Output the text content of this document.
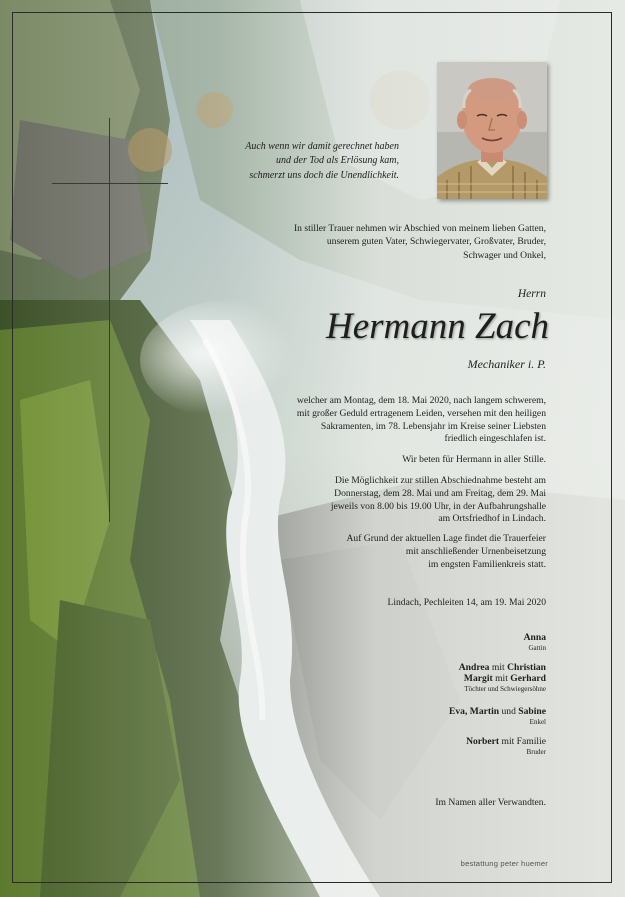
Auch wenn wir damit gerechnet haben
und der Tod als Erlösung kam,
schmerzt uns doch die Unendlichkeit.
In stiller Trauer nehmen wir Abschied von meinem lieben Gatten,
unserem guten Vater, Schwiegervater, Großvater, Bruder,
Schwager und Onkel,
Herrn
Hermann Zach
Mechaniker i. P.
welcher am Montag, dem 18. Mai 2020, nach langem schwerem,
mit großer Geduld ertragenem Leiden, versehen mit den heiligen
Sakramenten, im 78. Lebensjahr im Kreise seiner Liebsten
friedlich eingeschlafen ist.
Wir beten für Hermann in aller Stille.
Die Möglichkeit zur stillen Abschiednahme besteht am
Donnerstag, dem 28. Mai und am Freitag, dem 29. Mai
jeweils von 8.00 bis 19.00 Uhr, in der Aufbahrungshalle
am Ortsfriedhof in Lindach.
Auf Grund der aktuellen Lage findet die Trauerfeier
mit anschließender Urnenbeisetzung
im engsten Familienkreis statt.
Lindach, Pechleiten 14, am 19. Mai 2020
Anna
Gattin
Andrea mit Christian
Margit mit Gerhard
Töchter und Schwiegersöhne
Eva, Martin und Sabine
Enkel
Norbert mit Familie
Bruder
Im Namen aller Verwandten.
bestattung peter huemer
